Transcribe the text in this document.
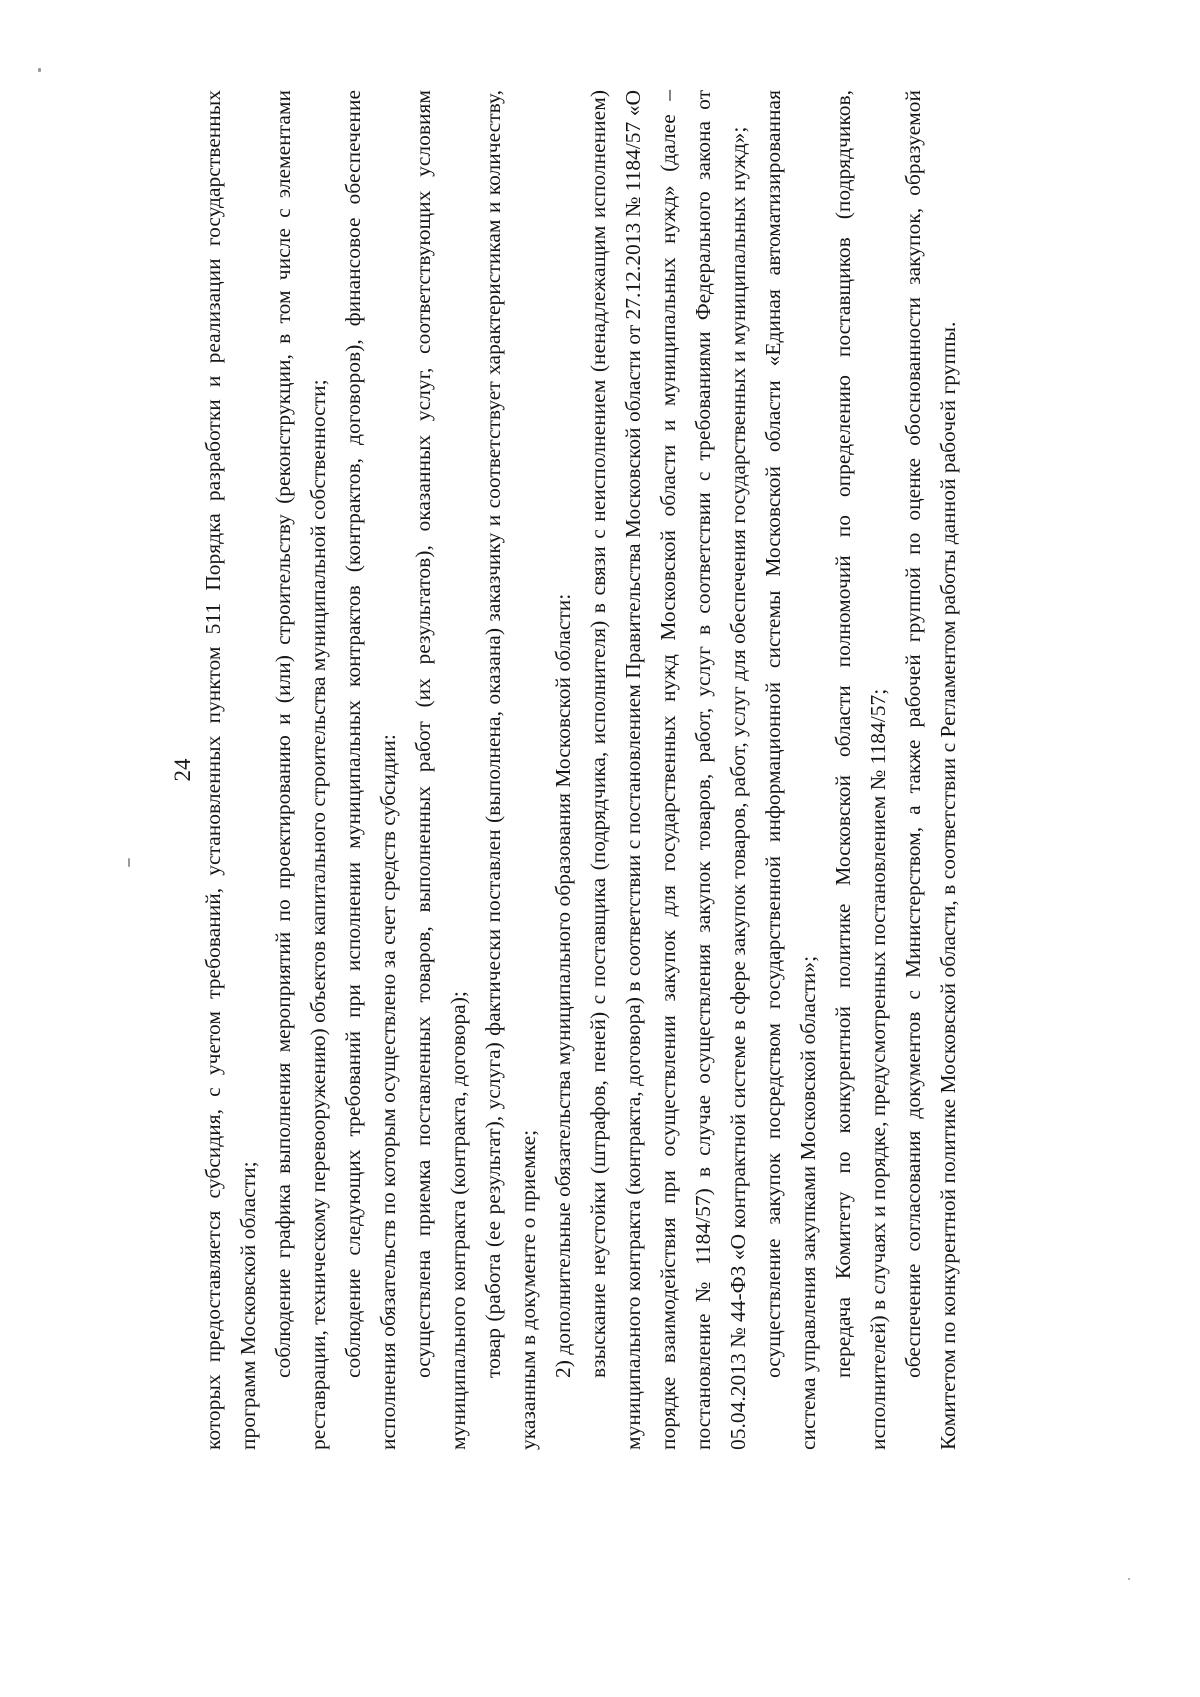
24 которых предоставляется субсидия, с учетом требований, установленных пунктом 511 Порядка разработки и реализации государственных программ Московской области; соблюдение графика выполнения мероприятий по проектированию и (или) строительству (реконструкции, в том числе с элементами реставрации, техническому перевооружению) объектов капитального строительства муниципальной собственности; соблюдение следующих требований при исполнении муниципальных контрактов (контрактов, договоров), финансовое обеспечение исполнения обязательств по которым осуществлено за счет средств субсидии: осуществлена приемка поставленных товаров, выполненных работ (их результатов), оказанных услуг, соответствующих условиям муниципального контракта (контракта, договора); товар (работа (ее результат), услуга) фактически поставлен (выполнена, оказана) заказчику и соответствует характеристикам и количеству, указанным в документе о приемке; 2) дополнительные обязательства муниципального образования Московской области: взыскание неустойки (штрафов, пеней) с поставщика (подрядчика, исполнителя) в связи с неисполнением (ненадлежащим исполнением) муниципального контракта (контракта, договора) в соответствии с постановлением Правительства Московской области от 27.12.2013 № 1184/57 «О порядке взаимодействия при осуществлении закупок для государственных нужд Московской области и муниципальных нужд» (далее – постановление № 1184/57) в случае осуществления закупок товаров, работ, услуг в соответствии с требованиями Федерального закона от 05.04.2013 № 44-ФЗ «О контрактной системе в сфере закупок товаров, работ, услуг для обеспечения государственных и муниципальных нужд»; осуществление закупок посредством государственной информационной системы Московской области «Единая автоматизированная система управления закупками Московской области»; передача Комитету по конкурентной политике Московской области полномочий по определению поставщиков (подрядчиков, исполнителей) в случаях и порядке, предусмотренных постановлением № 1184/57; обеспечение согласования документов с Министерством, а также рабочей группой по оценке обоснованности закупок, образуемой Комитетом по конкурентной политике Московской области, в соответствии с Регламентом работы данной рабочей группы.
